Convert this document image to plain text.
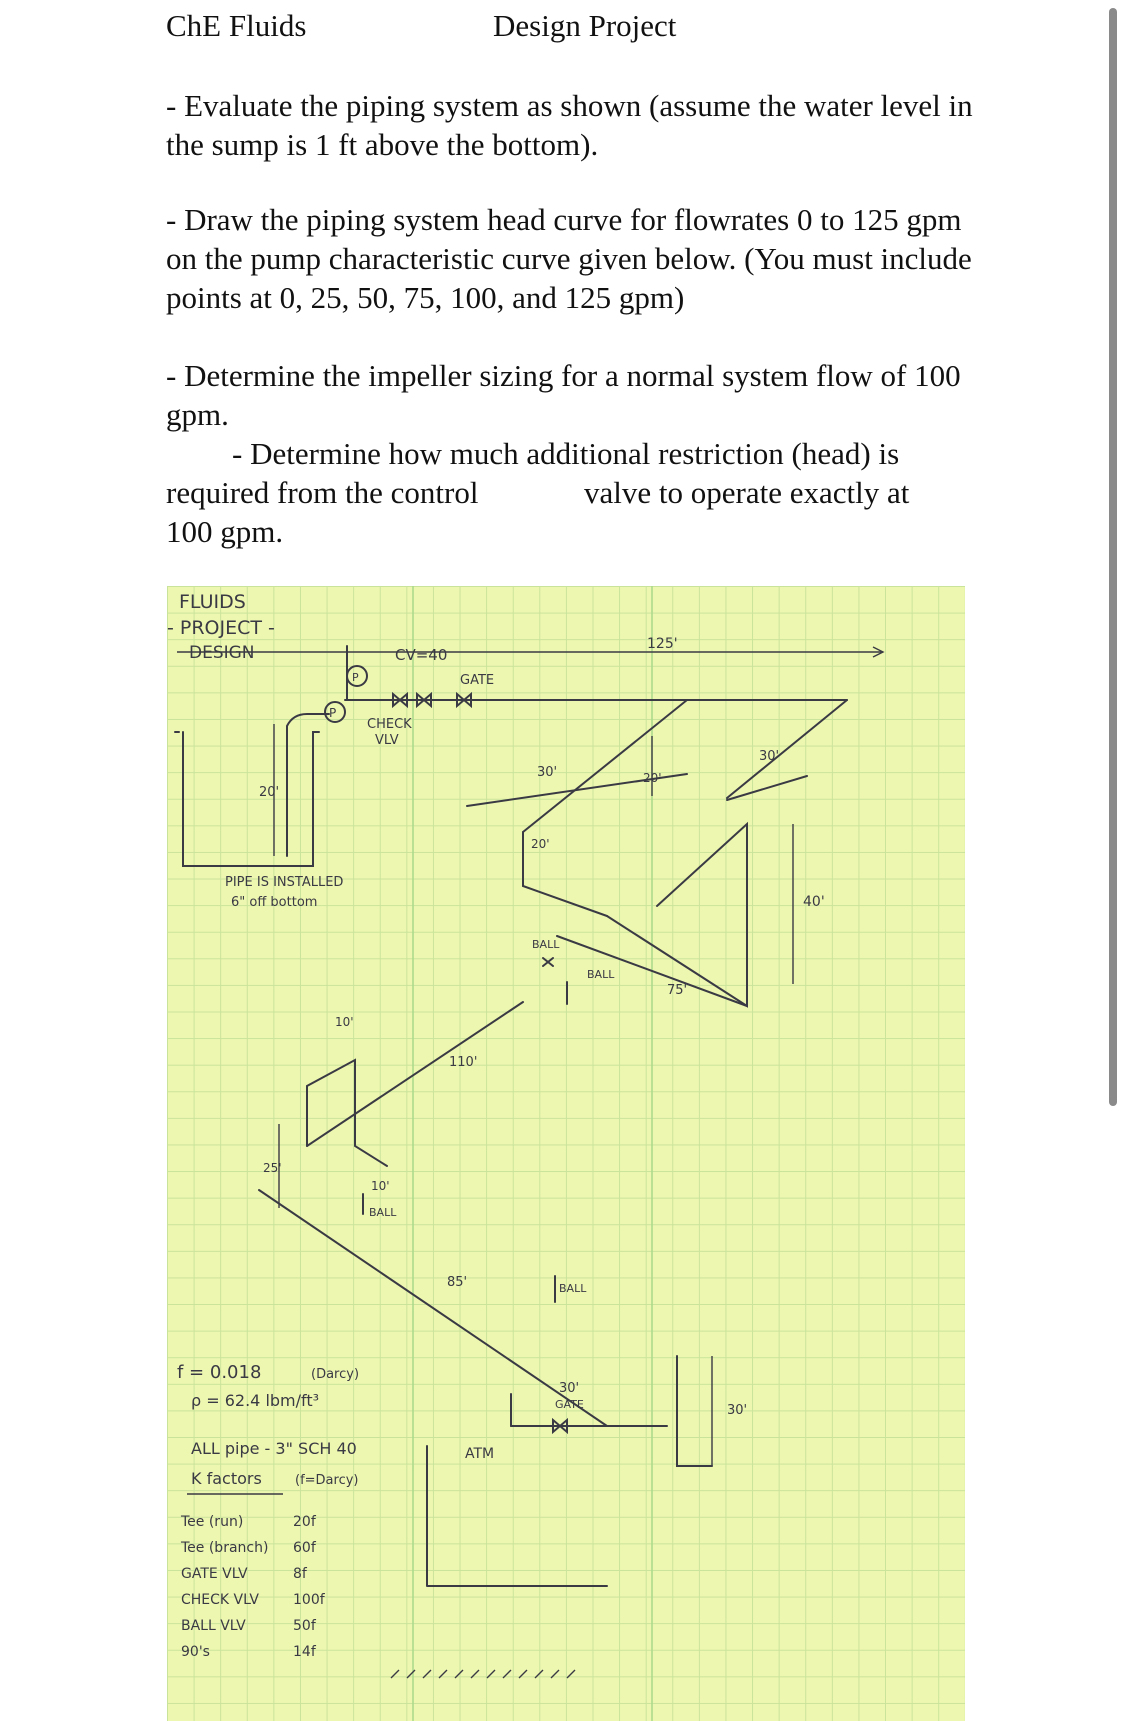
ChE Fluids	Design Project
- Evaluate the piping system as shown (assume the water level in the sump is 1 ft above the bottom).
- Draw the piping system head curve for flowrates 0 to 125 gpm on the pump characteristic curve given below. (You must include points at 0, 25, 50, 75, 100, and 125 gpm)
- Determine the impeller sizing for a normal system flow of 100 gpm.
- Determine how much additional restriction (head) is
required from the control	valve to operate exactly at
100 gpm.
FLUIDS
- PROJECT -
DESIGN	125'
20'
P
P
CV=40
GATE
CHECK
VLV
30'	20'
30'
20'
40'
75'
BALL
BALL
PIPE IS INSTALLED
6" off bottom
110'
10'
10'
25'
BALL
85'	BALL
30'
30'
GATE
ATM
f = 0.018	(Darcy)
ρ = 62.4 lbm/ft³
ALL pipe - 3" SCH 40
K factors	(f=Darcy)
Tee (run)	20f
Tee (branch) 60f
GATE VLV	8f
CHECK VLV 100f
BALL VLV	50f
90's	14f
